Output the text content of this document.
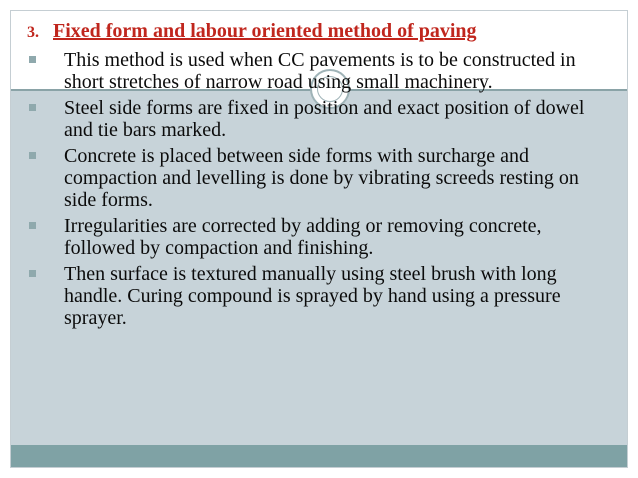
3. Fixed form and labour oriented method of paving
This method is used when CC pavements is to be constructed in short stretches of narrow road using small machinery.
Steel side forms are fixed in position and exact position of dowel and tie bars marked.
Concrete is placed between side forms with surcharge and compaction and levelling is done by vibrating screeds resting on side forms.
Irregularities are corrected by adding or removing concrete, followed by compaction and finishing.
Then surface is textured manually using steel brush with long handle. Curing compound is sprayed by hand using a pressure sprayer.
